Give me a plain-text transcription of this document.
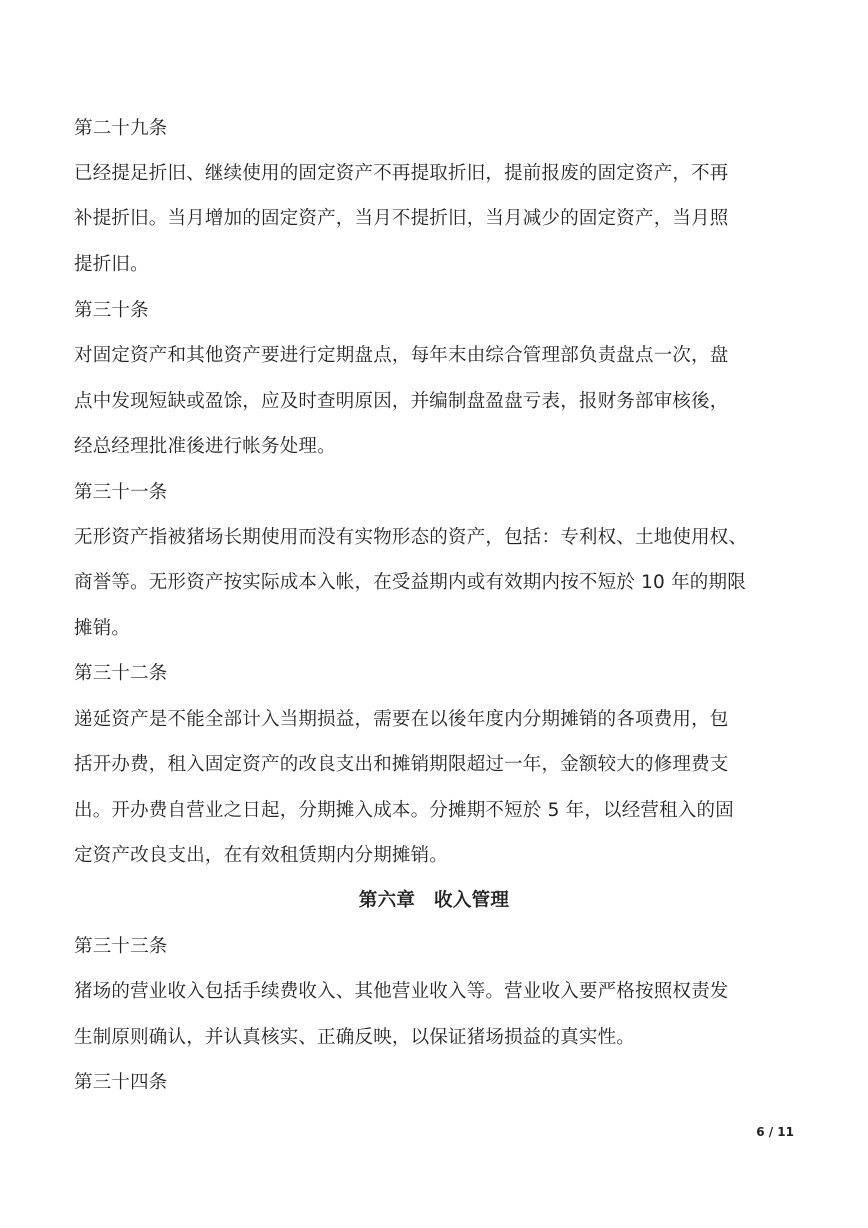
第二十九条
已经提足折旧、继续使用的固定资产不再提取折旧，提前报废的固定资产，不再
补提折旧。当月增加的固定资产，当月不提折旧，当月减少的固定资产，当月照
提折旧。
第三十条
对固定资产和其他资产要进行定期盘点，每年末由综合管理部负责盘点一次，盘
点中发现短缺或盈馀，应及时查明原因，并编制盘盈盘亏表，报财务部审核後，
经总经理批准後进行帐务处理。
第三十一条
无形资产指被猪场长期使用而没有实物形态的资产，包括：专利权、土地使用权、
商誉等。无形资产按实际成本入帐，在受益期内或有效期内按不短於 10 年的期限
摊销。
第三十二条
递延资产是不能全部计入当期损益，需要在以後年度内分期摊销的各项费用，包
括开办费，租入固定资产的改良支出和摊销期限超过一年，金额较大的修理费支
出。开办费自营业之日起，分期摊入成本。分摊期不短於 5 年，以经营租入的固
定资产改良支出，在有效租赁期内分期摊销。
第六章　收入管理
第三十三条
猪场的营业收入包括手续费收入、其他营业收入等。营业收入要严格按照权责发
生制原则确认，并认真核实、正确反映，以保证猪场损益的真实性。
第三十四条
6 / 11
